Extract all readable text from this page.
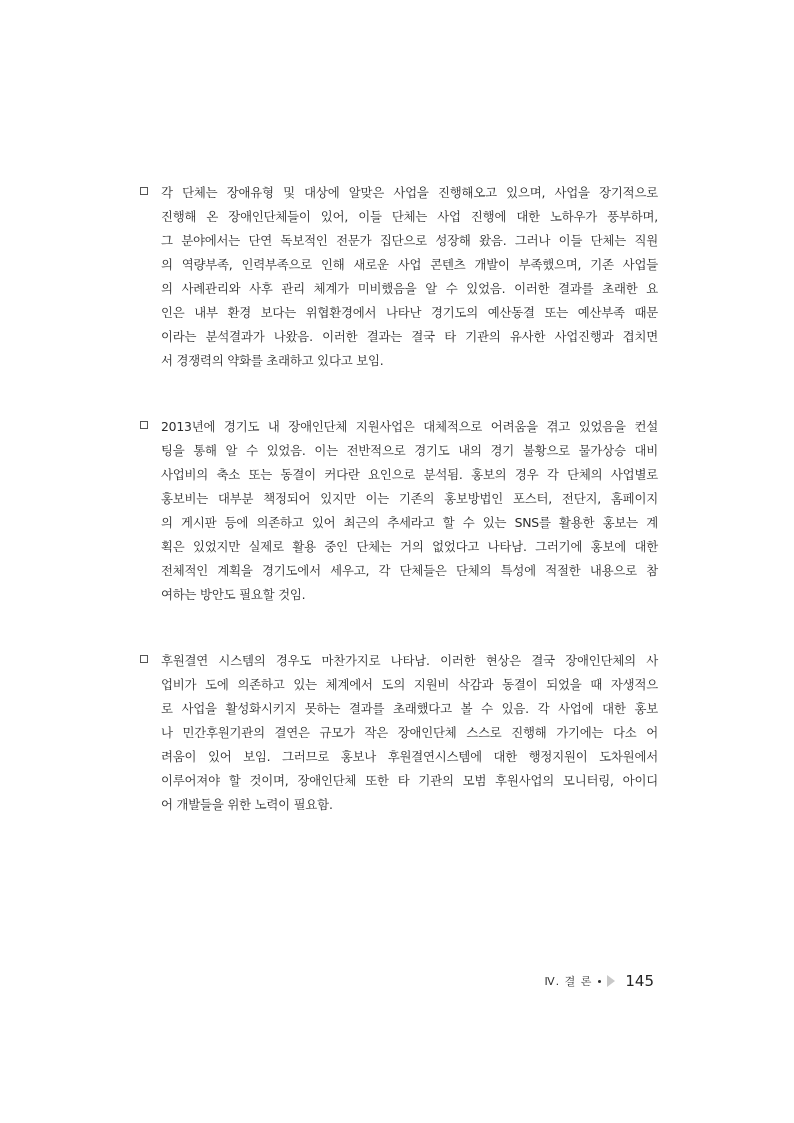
각 단체는 장애유형 및 대상에 알맞은 사업을 진행해오고 있으며, 사업을 장기적으로
진행해 온 장애인단체들이 있어, 이들 단체는 사업 진행에 대한 노하우가 풍부하며,
그 분야에서는 단연 독보적인 전문가 집단으로 성장해 왔음. 그러나 이들 단체는 직원
의 역량부족, 인력부족으로 인해 새로운 사업 콘텐츠 개발이 부족했으며, 기존 사업들
의 사례관리와 사후 관리 체계가 미비했음을 알 수 있었음. 이러한 결과를 초래한 요
인은 내부 환경 보다는 위협환경에서 나타난 경기도의 예산동결 또는 예산부족 때문
이라는 분석결과가 나왔음. 이러한 결과는 결국 타 기관의 유사한 사업진행과 겹치면
서 경쟁력의 약화를 초래하고 있다고 보임.
2013년에 경기도 내 장애인단체 지원사업은 대체적으로 어려움을 겪고 있었음을 컨설
팅을 통해 알 수 있었음. 이는 전반적으로 경기도 내의 경기 불황으로 물가상승 대비
사업비의 축소 또는 동결이 커다란 요인으로 분석됨. 홍보의 경우 각 단체의 사업별로
홍보비는 대부분 책정되어 있지만 이는 기존의 홍보방법인 포스터, 전단지, 홈페이지
의 게시판 등에 의존하고 있어 최근의 추세라고 할 수 있는 SNS를 활용한 홍보는 계
획은 있었지만 실제로 활용 중인 단체는 거의 없었다고 나타남. 그러기에 홍보에 대한
전체적인 계획을 경기도에서 세우고, 각 단체들은 단체의 특성에 적절한 내용으로 참
여하는 방안도 필요할 것임.
후원결연 시스템의 경우도 마찬가지로 나타남. 이러한 현상은 결국 장애인단체의 사
업비가 도에 의존하고 있는 체계에서 도의 지원비 삭감과 동결이 되었을 때 자생적으
로 사업을 활성화시키지 못하는 결과를 초래했다고 볼 수 있음. 각 사업에 대한 홍보
나 민간후원기관의 결연은 규모가 작은 장애인단체 스스로 진행해 가기에는 다소 어
려움이 있어 보임. 그러므로 홍보나 후원결연시스템에 대한 행정지원이 도차원에서
이루어져야 할 것이며, 장애인단체 또한 타 기관의 모범 후원사업의 모니터링, 아이디
어 개발들을 위한 노력이 필요함.
Ⅳ. 결 론 145
